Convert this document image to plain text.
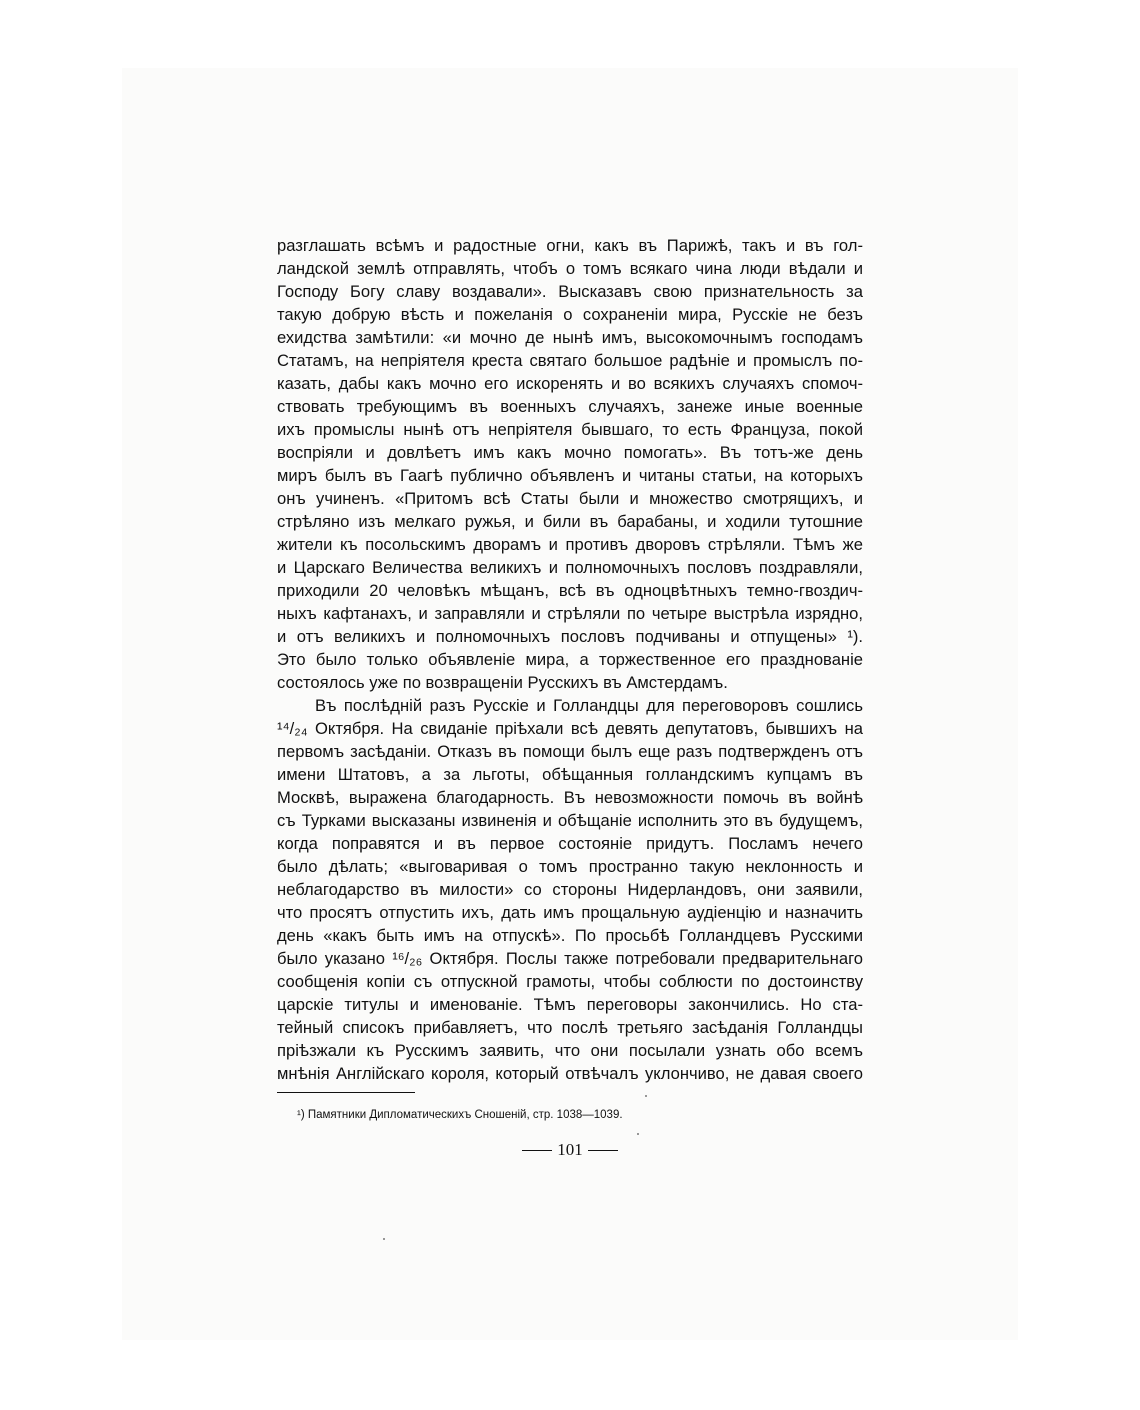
разглашать всѣмъ и радостные огни, какъ въ Парижѣ, такъ и въ гол-
ландской землѣ отправлять, чтобъ о томъ всякаго чина люди вѣдали и
Господу Богу славу воздавали». Высказавъ свою признательность за
такую добрую вѣсть и пожеланія о сохраненіи мира, Русскіе не безъ
ехидства замѣтили: «и мочно де нынѣ имъ, высокомочнымъ господамъ
Статамъ, на непріятеля креста святаго большое радѣніе и промыслъ по-
казать, дабы какъ мочно его искоренять и во всякихъ случаяхъ спомоч-
ствовать требующимъ въ военныхъ случаяхъ, занеже иные военные
ихъ промыслы нынѣ отъ непріятеля бывшаго, то есть Француза, покой
воспріяли и довлѣетъ имъ какъ мочно помогать». Въ тотъ-же день
миръ былъ въ Гаагѣ публично объявленъ и читаны статьи, на которыхъ
онъ учиненъ. «Притомъ всѣ Статы были и множество смотрящихъ, и
стрѣляно изъ мелкаго ружья, и били въ барабаны, и ходили тутошние
жители къ посольскимъ дворамъ и противъ дворовъ стрѣляли. Тѣмъ же
и Царскаго Величества великихъ и полномочныхъ пословъ поздравляли,
приходили 20 человѣкъ мѣщанъ, всѣ въ одноцвѣтныхъ темно-гвоздич-
ныхъ кафтанахъ, и заправляли и стрѣляли по четыре выстрѣла изрядно,
и отъ великихъ и полномочныхъ пословъ подчиваны и отпущены» ¹).
Это было только объявленіе мира, а торжественное его празднованіе
состоялось уже по возвращеніи Русскихъ въ Амстердамъ.
Въ послѣдній разъ Русскіе и Голландцы для переговоровъ сошлись
¹⁴/₂₄ Октября. На свиданіе пріѣхали всѣ девять депутатовъ, бывшихъ на
первомъ засѣданіи. Отказъ въ помощи былъ еще разъ подтвержденъ отъ
имени Штатовъ, а за льготы, обѣщанныя голландскимъ купцамъ въ
Москвѣ, выражена благодарность. Въ невозможности помочь въ войнѣ
съ Турками высказаны извиненія и обѣщаніе исполнить это въ будущемъ,
когда поправятся и въ первое состояніе придутъ. Посламъ нечего
было дѣлать; «выговаривая о томъ пространно такую неклонность и
неблагодарство въ милости» со стороны Нидерландовъ, они заявили,
что просятъ отпустить ихъ, дать имъ прощальную аудіенцію и назначить
день «какъ быть имъ на отпускѣ». По просьбѣ Голландцевъ Русскими
было указано ¹⁶/₂₆ Октября. Послы также потребовали предварительнаго
сообщенія копіи съ отпускной грамоты, чтобы соблюсти по достоинству
царскіе титулы и именованіе. Тѣмъ переговоры закончились. Но ста-
тейный списокъ прибавляетъ, что послѣ третьяго засѣданія Голландцы
пріѣзжали къ Русскимъ заявить, что они посылали узнать обо всемъ
мнѣнія Англійскаго короля, который отвѣчалъ уклончиво, не давая своего
¹) Памятники Дипломатическихъ Сношеній, стр. 1038—1039.
101
